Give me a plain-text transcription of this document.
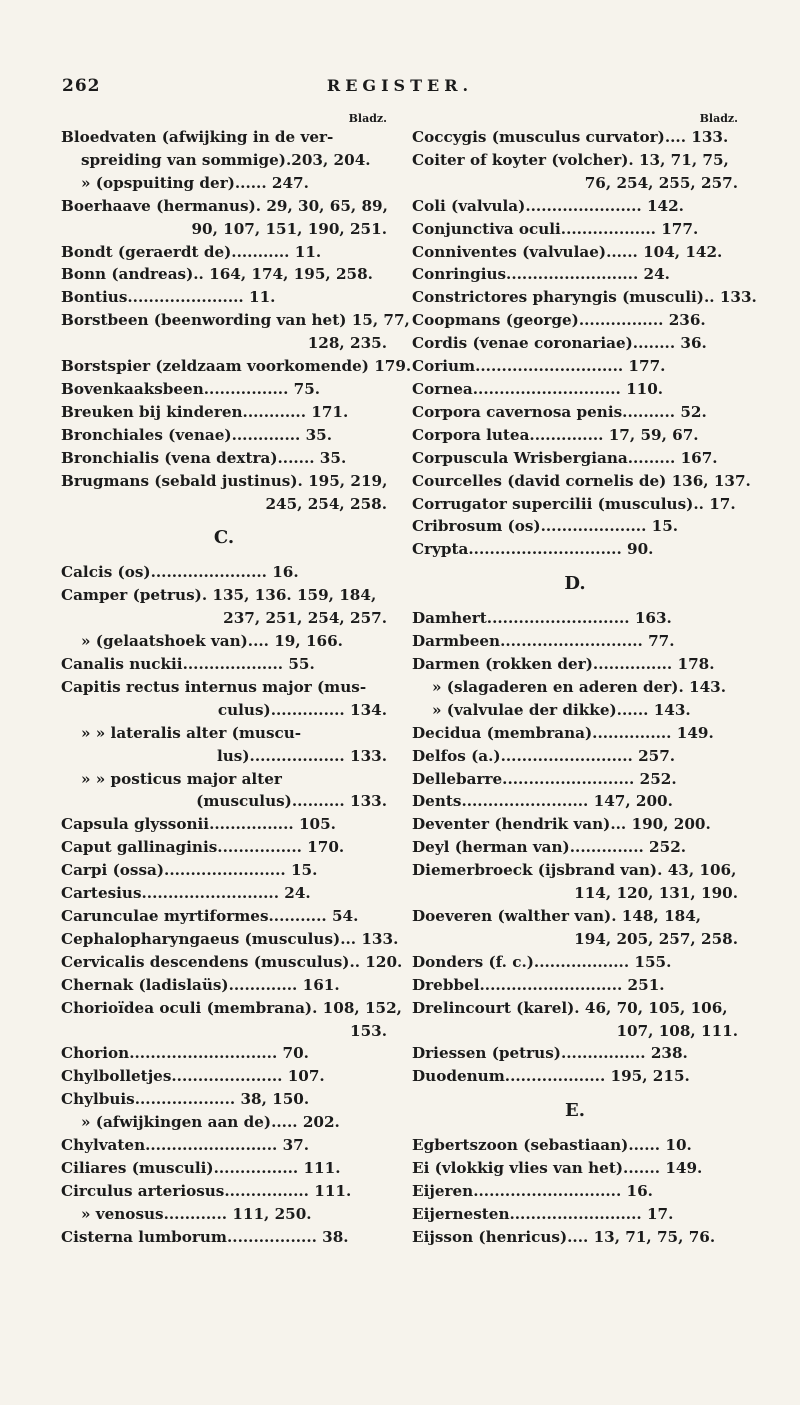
262	REGISTER.
Bladz.
Bloedvaten (afwijking in de ver-
spreiding van sommige).203, 204.
» (opspuiting der)...... 247.
Boerhaave (hermanus). 29, 30, 65, 89,
90, 107, 151, 190, 251.
Bondt (geraerdt de)........... 11.
Bonn (andreas).. 164, 174, 195, 258.
Bontius...................... 11.
Borstbeen (beenwording van het) 15, 77,
128, 235.
Borstspier (zeldzaam voorkomende) 179.
Bovenkaaksbeen................ 75.
Breuken bij kinderen............ 171.
Bronchiales (venae)............. 35.
Bronchialis (vena dextra)....... 35.
Brugmans (sebald justinus). 195, 219,
245, 254, 258.
C.
Calcis (os)...................... 16.
Camper (petrus). 135, 136. 159, 184,
237, 251, 254, 257.
» (gelaatshoek van).... 19, 166.
Canalis nuckii................... 55.
Capitis rectus internus major (mus-
culus).............. 134.
» » lateralis alter (muscu-
lus).................. 133.
» » posticus major alter
(musculus).......... 133.
Capsula glyssonii................ 105.
Caput gallinaginis................ 170.
Carpi (ossa)....................... 15.
Cartesius.......................... 24.
Carunculae myrtiformes........... 54.
Cephalopharyngaeus (musculus)... 133.
Cervicalis descendens (musculus).. 120.
Chernak (ladislaüs)............. 161.
Chorioïdea oculi (membrana). 108, 152,
153.
Chorion............................ 70.
Chylbolletjes..................... 107.
Chylbuis................... 38, 150.
» (afwijkingen aan de)..... 202.
Chylvaten......................... 37.
Ciliares (musculi)................ 111.
Circulus arteriosus................ 111.
» venosus............ 111, 250.
Cisterna lumborum................. 38.
Bladz.
Coccygis (musculus curvator).... 133.
Coiter of koyter (volcher). 13, 71, 75,
76, 254, 255, 257.
Coli (valvula)...................... 142.
Conjunctiva oculi.................. 177.
Conniventes (valvulae)...... 104, 142.
Conringius......................... 24.
Constrictores pharyngis (musculi).. 133.
Coopmans (george)................ 236.
Cordis (venae coronariae)........ 36.
Corium............................ 177.
Cornea............................ 110.
Corpora cavernosa penis.......... 52.
Corpora lutea.............. 17, 59, 67.
Corpuscula Wrisbergiana......... 167.
Courcelles (david cornelis de) 136, 137.
Corrugator supercilii (musculus).. 17.
Cribrosum (os).................... 15.
Crypta............................. 90.
D.
Damhert........................... 163.
Darmbeen........................... 77.
Darmen (rokken der)............... 178.
» (slagaderen en aderen der). 143.
» (valvulae der dikke)...... 143.
Decidua (membrana)............... 149.
Delfos (a.)......................... 257.
Dellebarre......................... 252.
Dents........................ 147, 200.
Deventer (hendrik van)... 190, 200.
Deyl (herman van).............. 252.
Diemerbroeck (ijsbrand van). 43, 106,
114, 120, 131, 190.
Doeveren (walther van). 148, 184,
194, 205, 257, 258.
Donders (f. c.).................. 155.
Drebbel........................... 251.
Drelincourt (karel). 46, 70, 105, 106,
107, 108, 111.
Driessen (petrus)................ 238.
Duodenum................... 195, 215.
E.
Egbertszoon (sebastiaan)...... 10.
Ei (vlokkig vlies van het)....... 149.
Eijeren............................ 16.
Eijernesten......................... 17.
Eijsson (henricus).... 13, 71, 75, 76.
